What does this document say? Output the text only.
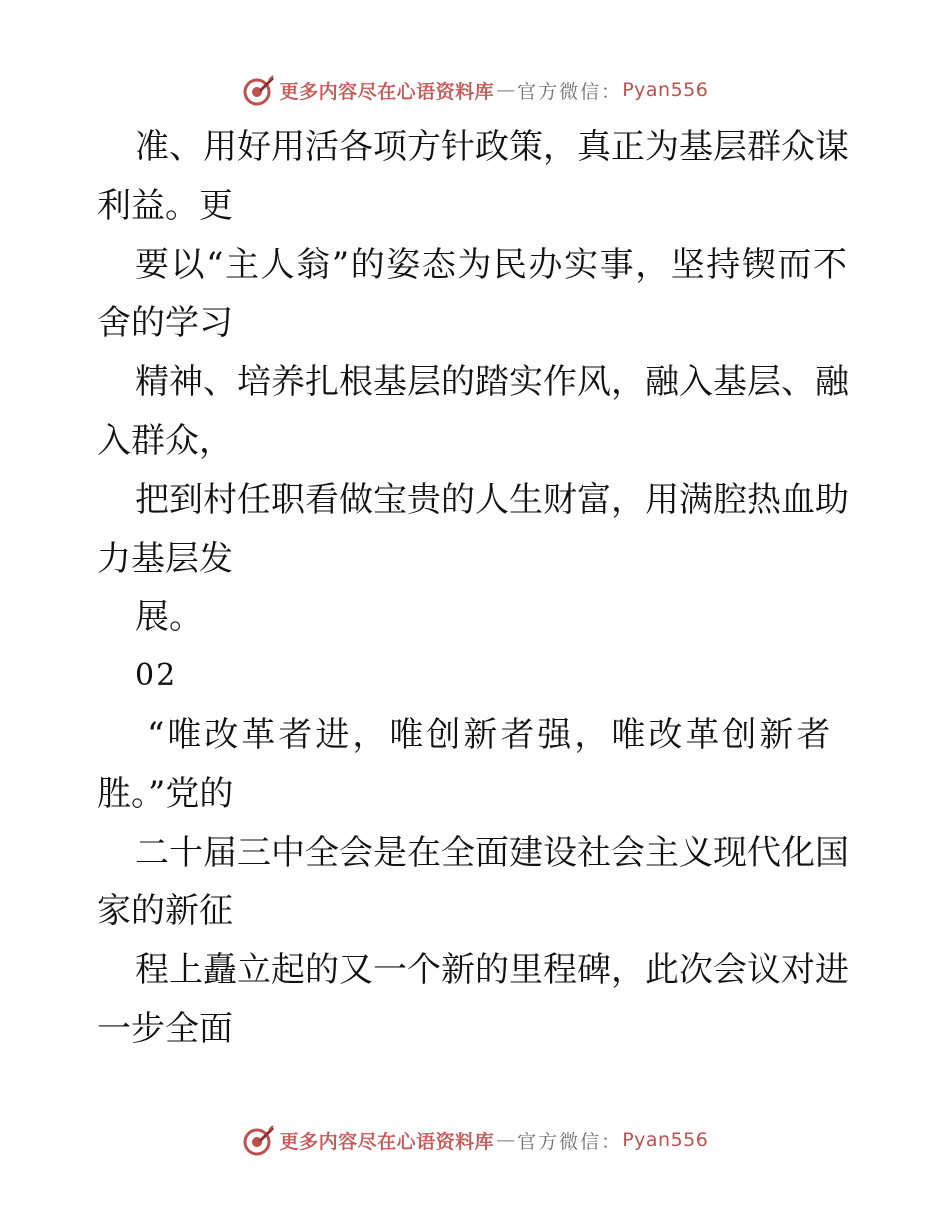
更多内容尽在心语资料库 — 官方微信： Pyan556
准、用好用活各项方针政策，真正为基层群众谋
利益。更
要以“主人翁”的姿态为民办实事，坚持锲而不
舍的学习
精神、培养扎根基层的踏实作风，融入基层、融
入群众，
把到村任职看做宝贵的人生财富，用满腔热血助
力基层发
展。
02
“唯改革者进，唯创新者强，唯改革创新者
胜。”党的
二十届三中全会是在全面建设社会主义现代化国
家的新征
程上矗立起的又一个新的里程碑，此次会议对进
一步全面
更多内容尽在心语资料库 — 官方微信： Pyan556
